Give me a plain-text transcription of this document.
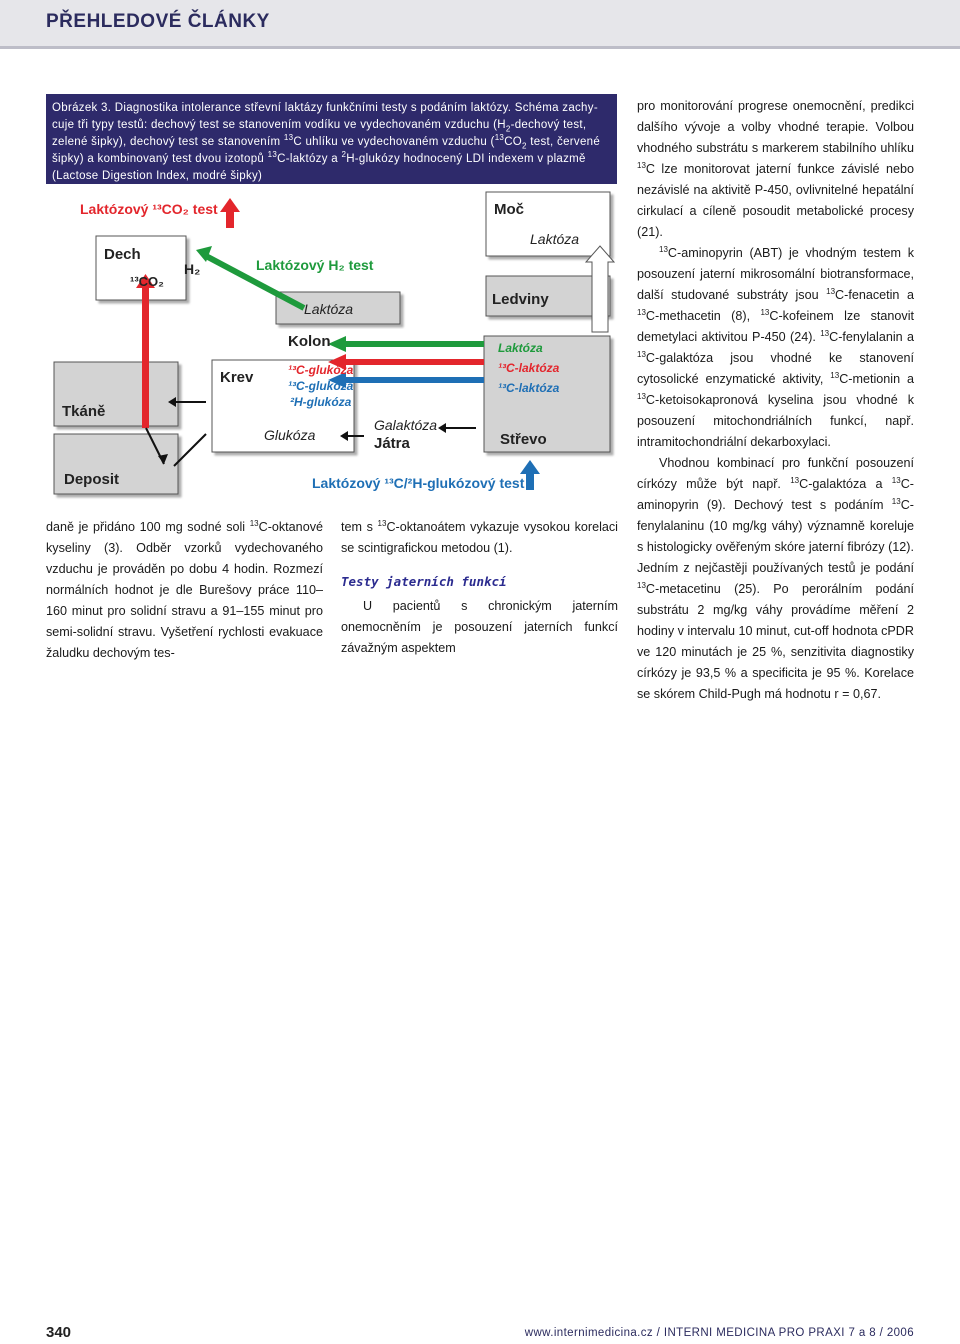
PŘEHLEDOVÉ ČLÁNKY
Obrázek 3. Diagnostika intolerance střevní laktázy funkčními testy s podáním laktózy. Schéma zachycuje tři typy testů: dechový test se stanovením vodíku ve vydechovaném vzduchu ($H_2$-dechový test, zelené šipky), dechový test se stanovením $^{13}$C uhlíku ve vydechovaném vzduchu ($^{13}CO_2$ test, červené šipky) a kombinovaný test dvou izotopů $^{13}$C-laktózy a $^2$H-glukózy hodnocený LDI indexem v plazmě (Lactose Digestion Index, modré šipky)
Laktózový ¹³CO₂ test
Laktózový H₂ test
Laktózový ¹³C/²H-glukózový test
Dech
¹³CO₂
H₂
Moč
Laktóza
Ledviny
Laktóza
Kolon
Krev	¹³C-glukóza
¹³C-glukóza
²H-glukóza
Glukóza
Galaktóza
Játra
Laktóza
¹³C-laktóza
¹³C-laktóza
Střevo
Tkáně
Deposit

daně je přidáno 100 mg sodné soli $^{13}$C-oktanové kyseliny (3). Odběr vzorků vydechovaného vzduchu je prováděn po dobu 4 hodin. Rozmezí normálních hodnot je dle Burešovy práce 110–160 minut pro solidní stravu a 91–155 minut pro semi-solidní stravu. Vyšetření rychlosti evakuace žaludku dechovým tes-

tem s $^{13}$C-oktanoátem vykazuje vysokou korelaci se scintigrafickou metodou (1).

Testy jaterních funkcí

U pacientů s chronickým jaterním onemocněním je posouzení jaterních funkcí závažným aspektem

pro monitorování progrese onemocnění, predikci dalšího vývoje a volby vhodné terapie. Volbou vhodného substrátu s markerem stabilního uhlíku $^{13}$C lze monitorovat jaterní funkce závislé nebo nezávislé na aktivitě P-450, ovlivnitelné hepatální cirkulací a cíleně posoudit metabolické procesy (21).

$^{13}$C-aminopyrin (ABT) je vhodným testem k posouzení jaterní mikrosomální biotransformace, další studované substráty jsou $^{13}$C-fenacetin a $^{13}$C-methacetin (8), $^{13}$C-kofeinem lze stanovit demetylaci aktivitou P-450 (24). $^{13}$C-fenylalanin a $^{13}$C-galaktóza jsou vhodné ke stanovení cytosolické enzymatické aktivity, $^{13}$C-metionin a $^{13}$C-ketoisokapronová kyselina jsou vhodné k posouzení mitochondriálních funkcí, např. intramitochondriální dekarboxylaci.

Vhodnou kombinací pro funkční posouzení církózy může být např. $^{13}$C-galaktóza a $^{13}$C-aminopyrin (9). Dechový test s podáním $^{13}$C-fenylalaninu (10 mg/kg váhy) významně koreluje s histologicky ověřeným skóre jaterní fibrózy (12). Jedním z nejčastěji používaných testů je podání $^{13}$C-metacetinu (25). Po perorálním podání substrátu 2 mg/kg váhy provádíme měření 2 hodiny v intervalu 10 minut, cut-off hodnota cPDR ve 120 minutách je 25 %, senzitivita diagnostiky církózy je 93,5 % a specificita je 95 %. Korelace se skórem Child-Pugh má hodnotu r = 0,67.

340	www.internimedicina.cz / INTERNI MEDICINA PRO PRAXI 7 a 8 / 2006
